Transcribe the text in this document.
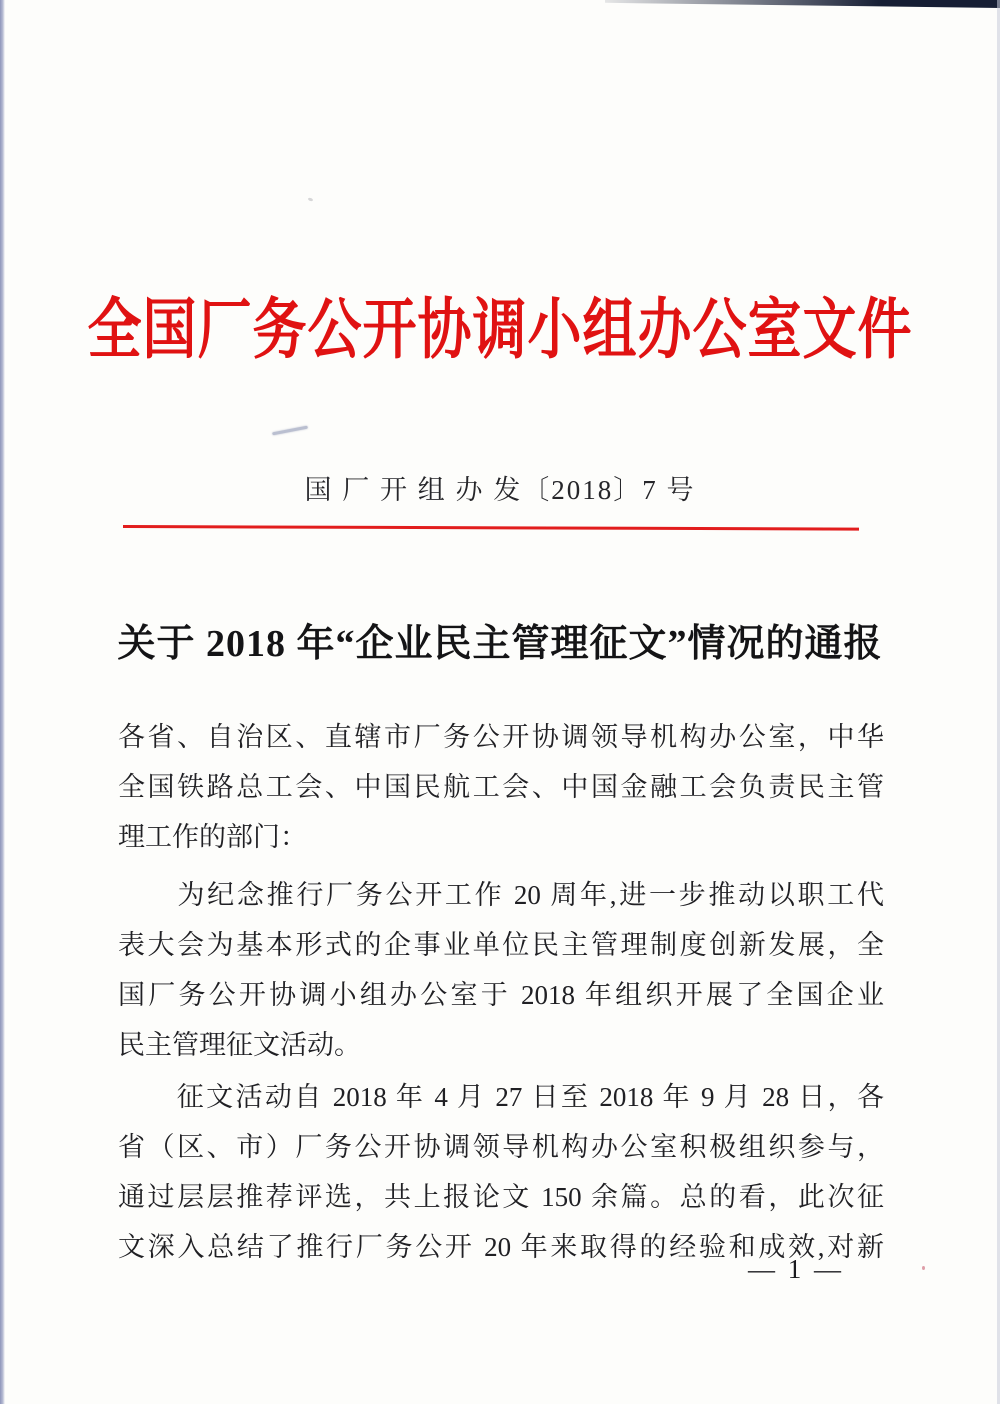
全国厂务公开协调小组办公室文件
国 厂 开 组 办 发〔2018〕7 号
关于 2018 年“企业民主管理征文”情况的通报
各省、自治区、直辖市厂务公开协调领导机构办公室，中华
全国铁路总工会、中国民航工会、中国金融工会负责民主管
理工作的部门：
　　为纪念推行厂务公开工作 20 周年,进一步推动以职工代
表大会为基本形式的企事业单位民主管理制度创新发展，全
国厂务公开协调小组办公室于 2018 年组织开展了全国企业
民主管理征文活动。
　　征文活动自 2018 年 4 月 27 日至 2018 年 9 月 28 日，各
省（区、市）厂务公开协调领导机构办公室积极组织参与，
通过层层推荐评选，共上报论文 150 余篇。总的看，此次征
文深入总结了推行厂务公开 20 年来取得的经验和成效,对新
— 1 —
